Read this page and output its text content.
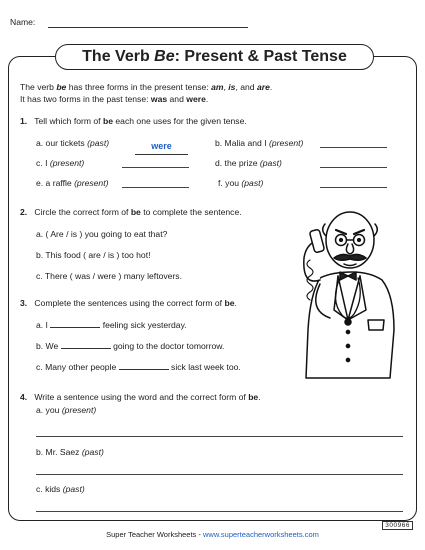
Name:
The Verb Be: Present & Past Tense
The verb be has three forms in the present tense: am, is, and are.
It has two forms in the past tense: was and were.
1. Tell which form of be each one uses for the given tense.
a. our tickets (past)	were	b. Malia and I (present)
c. I (present)	d. the prize (past)
e. a raffle (present)	f. you (past)
2. Circle the correct form of be to complete the sentence.
a. ( Are / is ) you going to eat that?
b. This food ( are / is ) too hot!
c. There ( was / were ) many leftovers.
3. Complete the sentences using the correct form of be.
a. I	feeling sick yesterday.
b. We	going to the doctor tomorrow.
c. Many other people	sick last week too.
4. Write a sentence using the word and the correct form of be.
a. you (present)
b. Mr. Saez (past)
c. kids (past)
Super Teacher Worksheets - www.superteacherworksheets.com
300966
